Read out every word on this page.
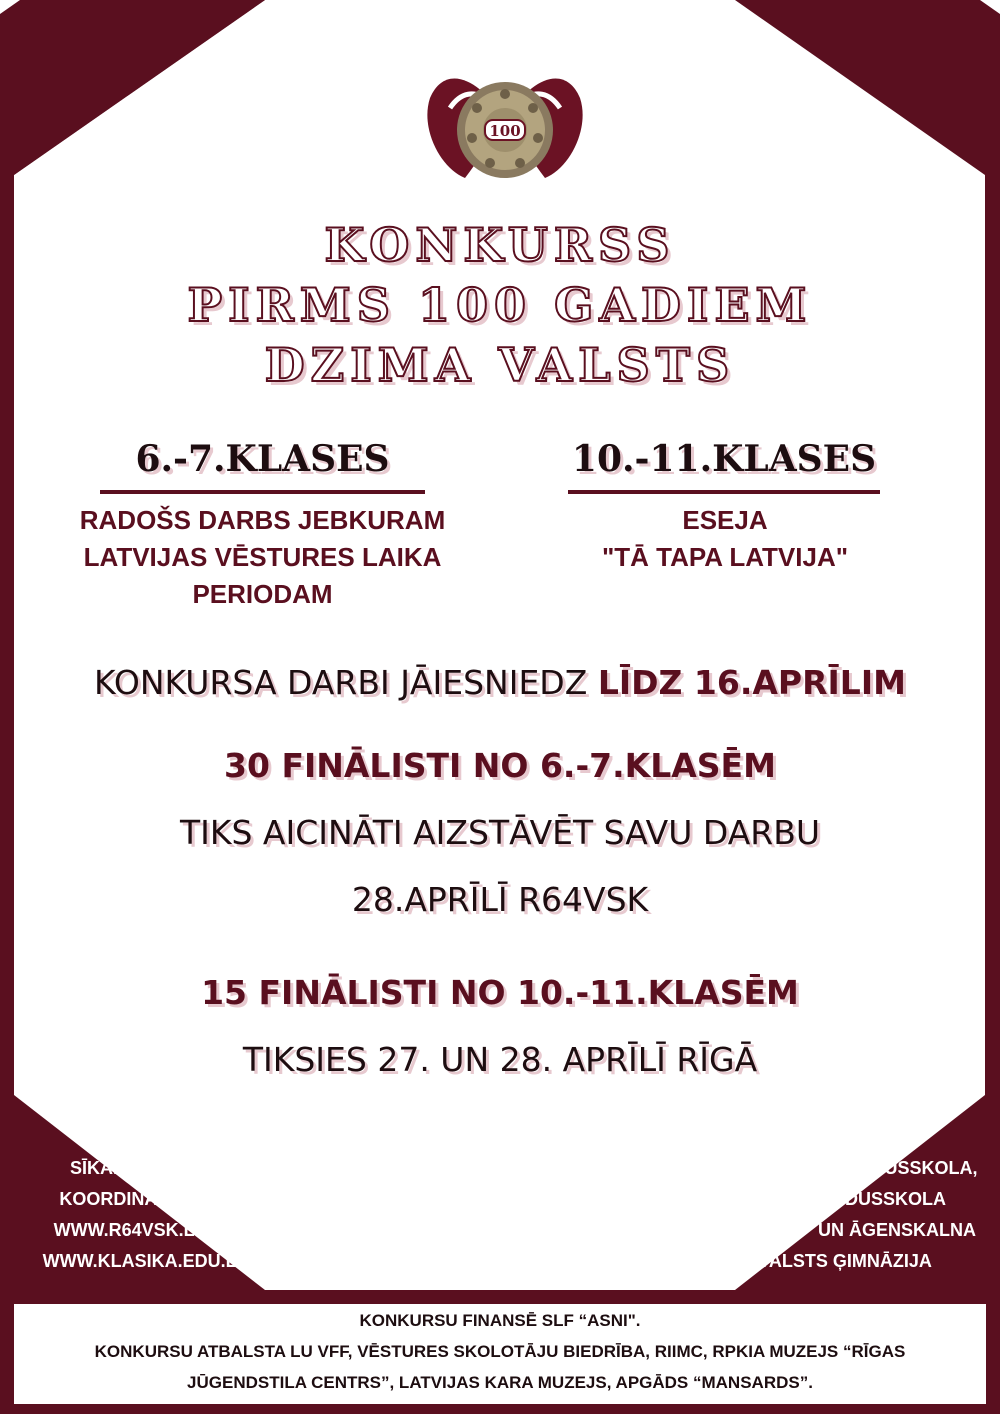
100
KONKURSS
PIRMS 100 GADIEM
DZIMA VALSTS
6.-7.KLASES
RADOŠS DARBS JEBKURAM
LATVIJAS VĒSTURES LAIKA
PERIODAM
10.-11.KLASES
ESEJA
"TĀ TAPA LATVIJA"
KONKURSA DARBI JĀIESNIEDZ LĪDZ 16.APRĪLIM
30 FINĀLISTI NO 6.-7.KLASĒM
TIKS AICINĀTI AIZSTĀVĒT SAVU DARBU
28.APRĪLĪ R64VSK
15 FINĀLISTI NO 10.-11.KLASĒM
TIKSIES 27. UN 28. APRĪLĪ RĪGĀ
SĪKĀKS INFO PIE
KOORDINATORIEM,
WWW.R64VSK.LV UN
WWW.KLASIKA.EDU.LV
RĪKO RĪGAS 64. VIDUSSKOLA,
PRIVĀTĀ VIDUSSKOLA
,,KLASIKA” UN ĀGENSKALNA
VALSTS ĢIMNĀZIJA
KONKURSU FINANSĒ SLF “ASNI".
KONKURSU ATBALSTA LU VFF, VĒSTURES SKOLOTĀJU BIEDRĪBA, RIIMC, RPKIA MUZEJS “RĪGAS
JŪGENDSTILA CENTRS”, LATVIJAS KARA MUZEJS, APGĀDS “MANSARDS”.
